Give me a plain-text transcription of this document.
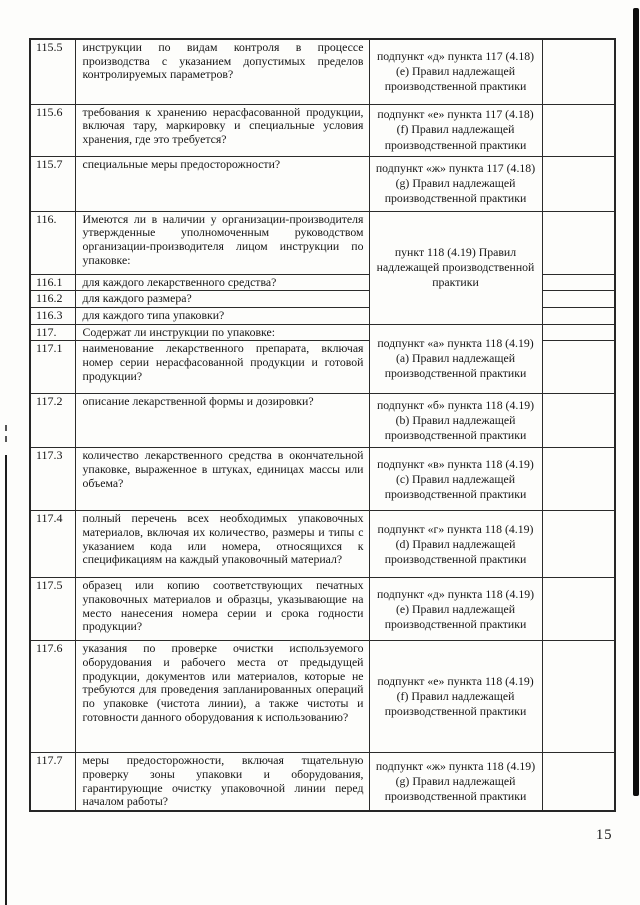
115.5	инструкции по видам контроля в процессе производства с указанием допустимых пределов контролируемых параметров?	подпункт «д» пункта 117 (4.18) (e) Правил надлежащей производственной практики	
115.6	требования к хранению нерасфасованной продукции, включая тару, маркировку и специальные условия хранения, где это требуется?	подпункт «е» пункта 117 (4.18) (f) Правил надлежащей производственной практики	
115.7	специальные меры предосторожности?	подпункт «ж» пункта 117 (4.18) (g) Правил надлежащей производственной практики	
116.	Имеются ли в наличии у организации-производителя утвержденные уполномоченным руководством организации-производителя лицом инструкции по упаковке:	пункт 118 (4.19) Правил надлежащей производственной практики	
116.1	для каждого лекарственного средства?		
116.2	для каждого размера?		
116.3	для каждого типа упаковки?		
117.	Содержат ли инструкции по упаковке:	подпункт «а» пункта 118 (4.19) (a) Правил надлежащей производственной практики	
117.1	наименование лекарственного препарата, включая номер серии нерасфасованной продукции и готовой продукции?		
117.2	описание лекарственной формы и дозировки?	подпункт «б» пункта 118 (4.19) (b) Правил надлежащей производственной практики	
117.3	количество лекарственного средства в окончательной упаковке, выраженное в штуках, единицах массы или объема?	подпункт «в» пункта 118 (4.19) (c) Правил надлежащей производственной практики	
117.4	полный перечень всех необходимых упаковочных материалов, включая их количество, размеры и типы с указанием кода или номера, относящихся к спецификациям на каждый упаковочный материал?	подпункт «г» пункта 118 (4.19) (d) Правил надлежащей производственной практики	
117.5	образец или копию соответствующих печатных упаковочных материалов и образцы, указывающие на место нанесения номера серии и срока годности продукции?	подпункт «д» пункта 118 (4.19) (e) Правил надлежащей производственной практики	
117.6	указания по проверке очистки используемого оборудования и рабочего места от предыдущей продукции, документов или материалов, которые не требуются для проведения запланированных операций по упаковке (чистота линии), а также чистоты и готовности данного оборудования к использованию?	подпункт «е» пункта 118 (4.19) (f) Правил надлежащей производственной практики	
117.7	меры предосторожности, включая тщательную проверку зоны упаковки и оборудования, гарантирующие очистку упаковочной линии перед началом работы?	подпункт «ж» пункта 118 (4.19) (g) Правил надлежащей производственной практики	
15
